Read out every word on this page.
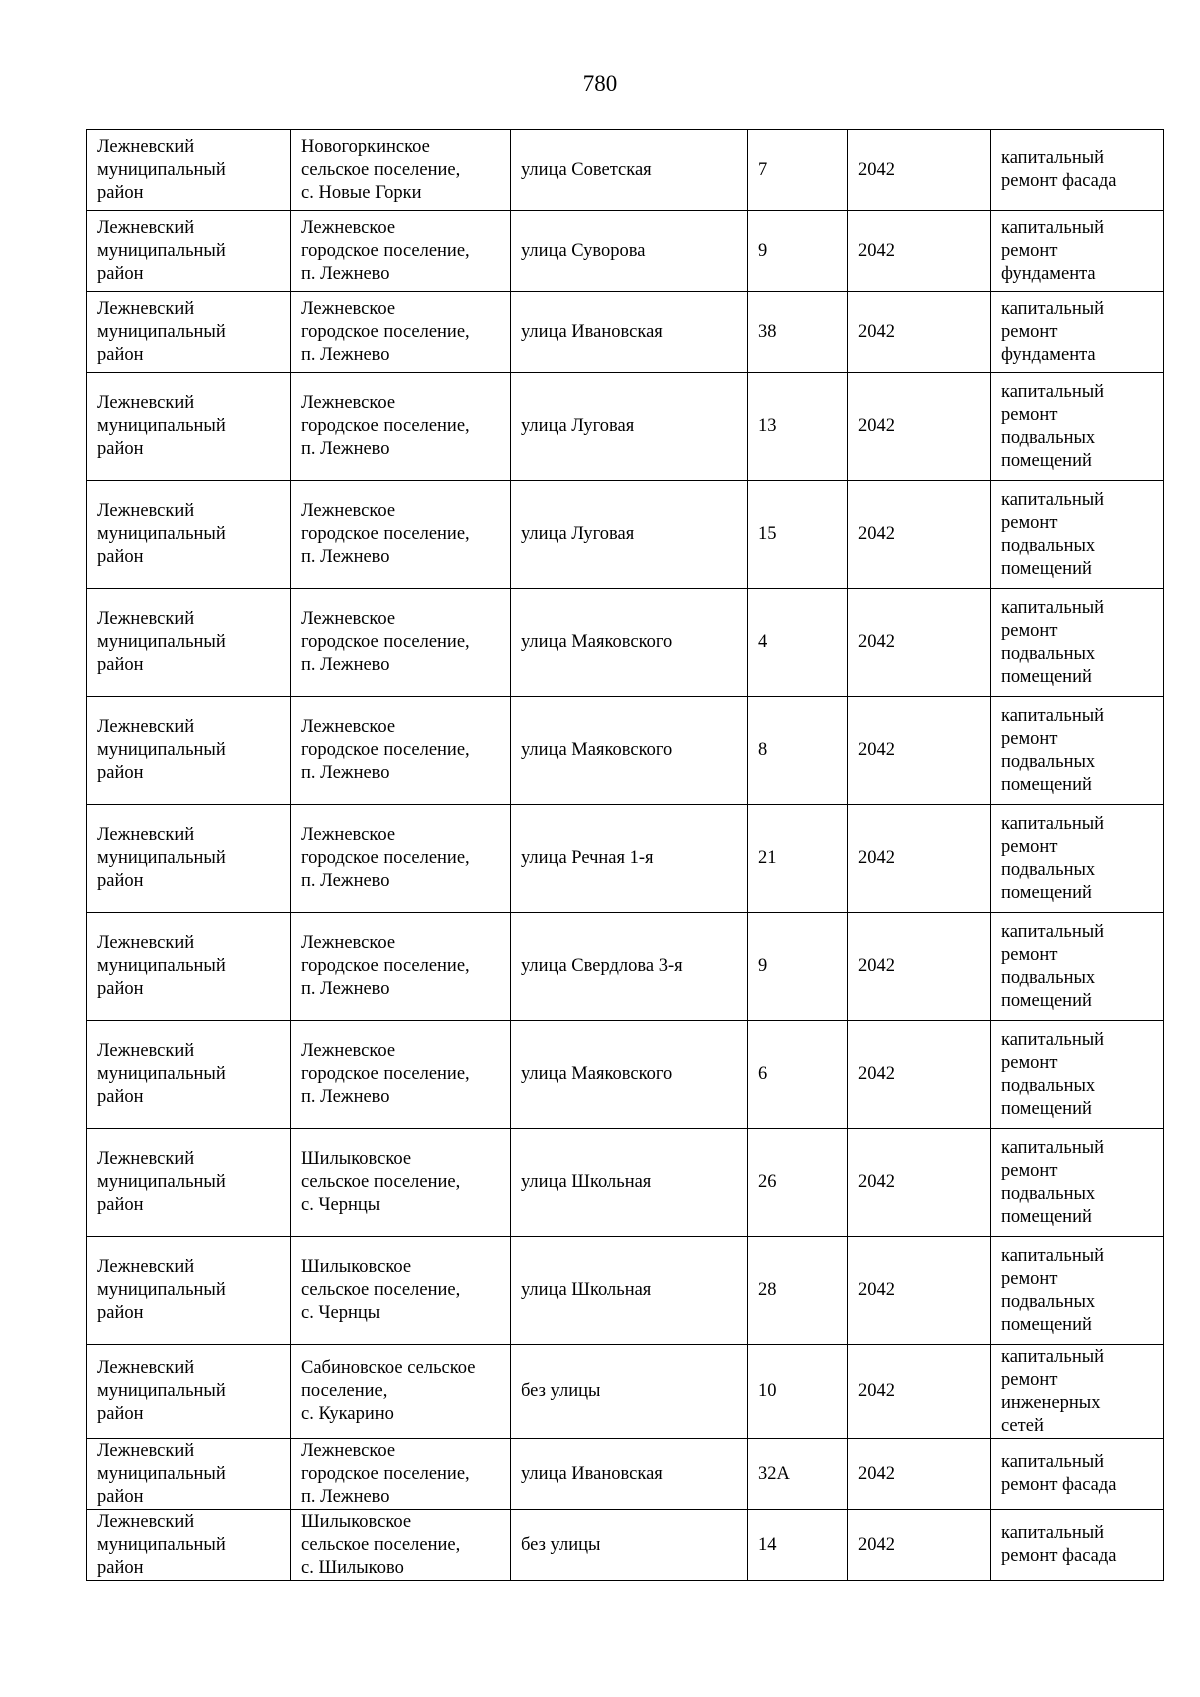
780
Лежневский
муниципальный
район	Новогоркинское
сельское поселение,
с. Новые Горки	улица Советская	7	2042	капитальный
ремонт фасада

Лежневский
муниципальный
район	Лежневское
городское поселение,
п. Лежнево	улица Суворова	9	2042	капитальный
ремонт
фундамента

Лежневский
муниципальный
район	Лежневское
городское поселение,
п. Лежнево	улица Ивановская	38	2042	капитальный
ремонт
фундамента

Лежневский
муниципальный
район	Лежневское
городское поселение,
п. Лежнево	улица Луговая	13	2042	капитальный
ремонт
подвальных
помещений

Лежневский
муниципальный
район	Лежневское
городское поселение,
п. Лежнево	улица Луговая	15	2042	капитальный
ремонт
подвальных
помещений

Лежневский
муниципальный
район	Лежневское
городское поселение,
п. Лежнево	улица Маяковского	4	2042	капитальный
ремонт
подвальных
помещений

Лежневский
муниципальный
район	Лежневское
городское поселение,
п. Лежнево	улица Маяковского	8	2042	капитальный
ремонт
подвальных
помещений

Лежневский
муниципальный
район	Лежневское
городское поселение,
п. Лежнево	улица Речная 1-я	21	2042	капитальный
ремонт
подвальных
помещений

Лежневский
муниципальный
район	Лежневское
городское поселение,
п. Лежнево	улица Свердлова 3-я	9	2042	капитальный
ремонт
подвальных
помещений

Лежневский
муниципальный
район	Лежневское
городское поселение,
п. Лежнево	улица Маяковского	6	2042	капитальный
ремонт
подвальных
помещений

Лежневский
муниципальный
район	Шилыковское
сельское поселение,
с. Чернцы	улица Школьная	26	2042	капитальный
ремонт
подвальных
помещений

Лежневский
муниципальный
район	Шилыковское
сельское поселение,
с. Чернцы	улица Школьная	28	2042	капитальный
ремонт
подвальных
помещений

Лежневский
муниципальный
район	Сабиновское сельское
поселение,
с. Кукарино	без улицы	10	2042	капитальный
ремонт
инженерных
сетей

Лежневский
муниципальный
район	Лежневское
городское поселение,
п. Лежнево	улица Ивановская	32А	2042	капитальный
ремонт фасада

Лежневский
муниципальный
район	Шилыковское
сельское поселение,
с. Шилыково	без улицы	14	2042	капитальный
ремонт фасада
